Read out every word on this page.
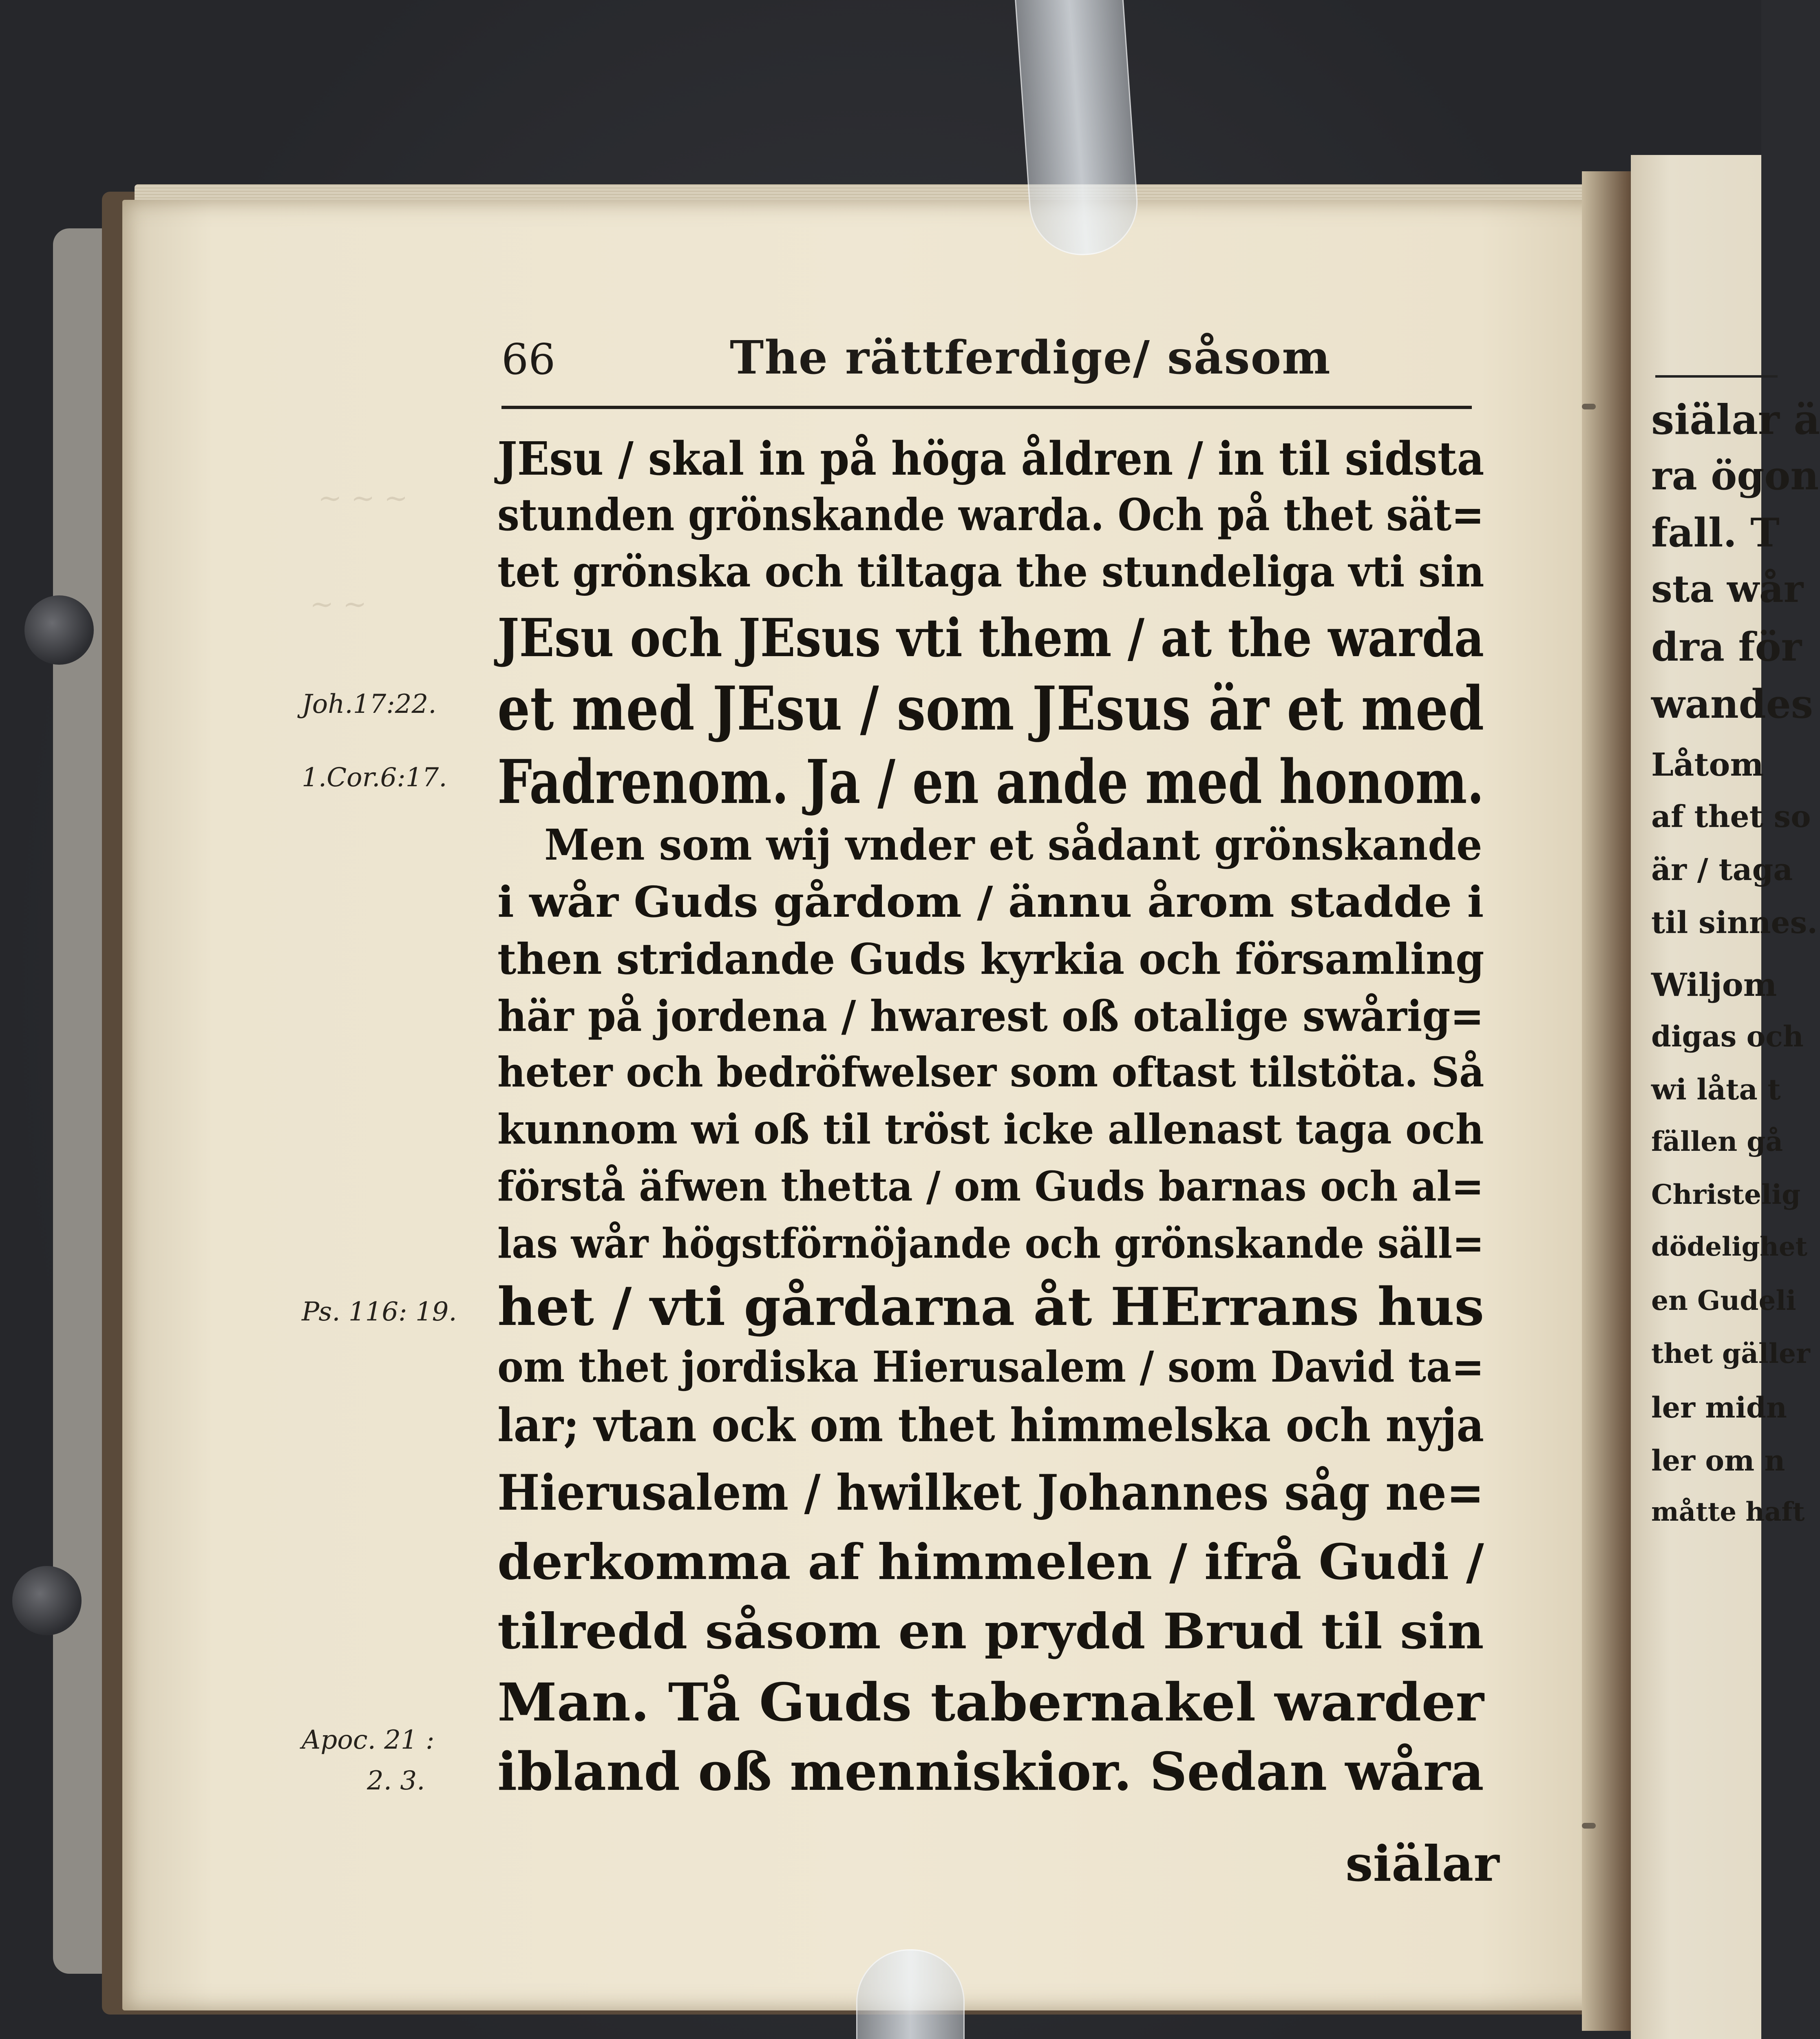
~ ~ ~
~ ~
66	The rättferdige/ såsom
JEsu / skal in på höga åldren / in til sidsta
stunden grönskande warda. Och på thet sät=
tet grönska och tiltaga the stundeliga vti sin
JEsu och JEsus vti them / at the warda
et med JEsu / som JEsus är et med
Fadrenom. Ja / en ande med honom.
Men som wij vnder et sådant grönskande
i wår Guds gårdom / ännu årom stadde i
then stridande Guds kyrkia och församling
här på jordena / hwarest oß otalige swårig=
heter och bedröfwelser som oftast tilstöta. Så
kunnom wi oß til tröst icke allenast taga och
förstå äfwen thetta / om Guds barnas och al=
las wår högstförnöjande och grönskande säll=
het / vti gårdarna åt HErrans hus
om thet jordiska Hierusalem / som David ta=
lar; vtan ock om thet himmelska och nyja
Hierusalem / hwilket Johannes såg ne=
derkomma af himmelen / ifrå Gudi /
tilredd såsom en prydd Brud til sin
Man. Tå Guds tabernakel warder
ibland oß menniskior. Sedan wåra
siälar
Joh.17:22.
1.Cor.6:17.
Ps. 116: 19.
Apoc. 21 :
2. 3.
siälar ä
ra ögon
fall. T
sta wår
dra för
wandes
Låtom
af thet so
är / taga
til sinnes.
Wiljom
digas och
wi låta t
fällen gå
Christelig
dödelighet
en Gudeli
thet gäller
ler midn
ler om n
måtte haft
